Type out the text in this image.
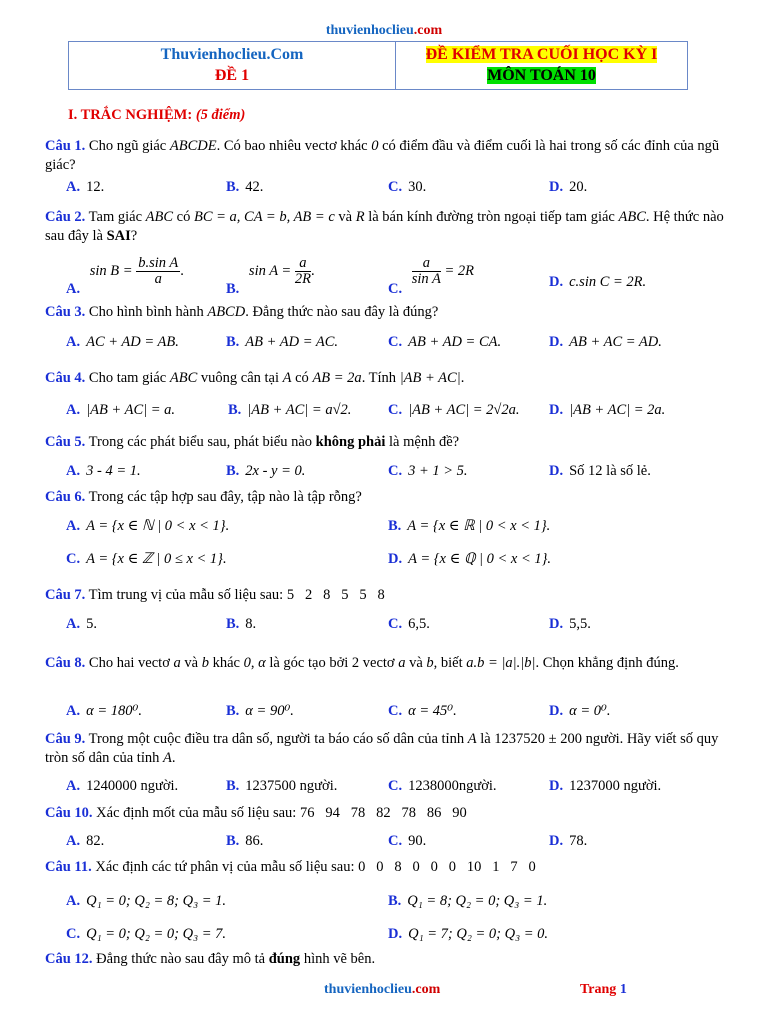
thuvienhoclieu.com
Thuvienhoclieu.Com
ĐỀ 1
ĐỀ KIỂM TRA CUỐI HỌC KỲ I
MÔN TOÁN 10
I. TRẮC NGHIỆM: (5 điểm)
Câu 1. Cho ngũ giác ABCDE. Có bao nhiêu vectơ khác 0 có điểm đầu và điểm cuối là hai trong số các đỉnh của ngũ giác?
A. 12.	B. 42.	C. 30.	D. 20.
Câu 2. Tam giác ABC có BC = a, CA = b, AB = c và R là bán kính đường tròn ngoại tiếp tam giác ABC. Hệ thức nào sau đây là SAI?
A. $\sin B = \frac{\text{b.sin A}}{a}$ .
B. $\sin A = \frac{a}{2R}$ .
C.
$\frac{a}{\text{sin A}} = 2R$
D. c.sin C = 2R.
Câu 3. Cho hình bình hành ABCD. Đẳng thức nào sau đây là đúng?
A. AC + AD = AB.	B. AB + AD = AC.	C. AB + AD = CA.	D. AB + AC = AD.
Câu 4. Cho tam giác ABC vuông cân tại A có AB = 2a. Tính |AB + AC|.
A. |AB + AC| = a.	B. |AB + AC| = a√2.	C. |AB + AC| = 2√2a. D. |AB + AC| = 2a.
Câu 5. Trong các phát biểu sau, phát biểu nào không phải là mệnh đề?
A. 3 - 4 = 1.	B. 2x - y = 0.	C. 3 + 1 > 5.	D. Số 12 là số lẻ.
Câu 6. Trong các tập hợp sau đây, tập nào là tập rỗng?
A. A = {x ∈ ℕ | 0 < x < 1}.	B. A = {x ∈ ℝ | 0 < x < 1}.
C. A = {x ∈ ℤ | 0 ≤ x < 1}.	D. A = {x ∈ ℚ | 0 < x < 1}.
Câu 7. Tìm trung vị của mẫu số liệu sau: 5   2   8   5   5   8
A. 5.	B. 8.	C. 6,5.	D. 5,5.
Câu 8. Cho hai vectơ a và b khác 0, α là góc tạo bởi 2 vectơ a và b, biết a.b = |a|.|b|. Chọn khẳng định đúng.
A. α = 180⁰.	B. α = 90⁰.	C. α = 45⁰.	D. α = 0⁰.
Câu 9. Trong một cuộc điều tra dân số, người ta báo cáo số dân của tỉnh A là 1237520 ± 200 người. Hãy viết số quy tròn số dân của tỉnh A.
A. 1240000 người.	B. 1237500 người.	C. 1238000người.	D. 1237000 người.
Câu 10. Xác định mốt của mẫu số liệu sau: 76   94   78   82   78   86   90
A. 82.	B. 86.	C. 90.	D. 78.
Câu 11. Xác định các tứ phân vị của mẫu số liệu sau: 0   0   8   0   0   0   10   1   7   0
A. Q₁ = 0; Q₂ = 8; Q₃ = 1.	B. Q₁ = 8; Q₂ = 0; Q₃ = 1.
C. Q₁ = 0; Q₂ = 0; Q₃ = 7.	D. Q₁ = 7; Q₂ = 0; Q₃ = 0.
Câu 12. Đẳng thức nào sau đây mô tả đúng hình vẽ bên.
thuvienhoclieu.com	Trang 1
